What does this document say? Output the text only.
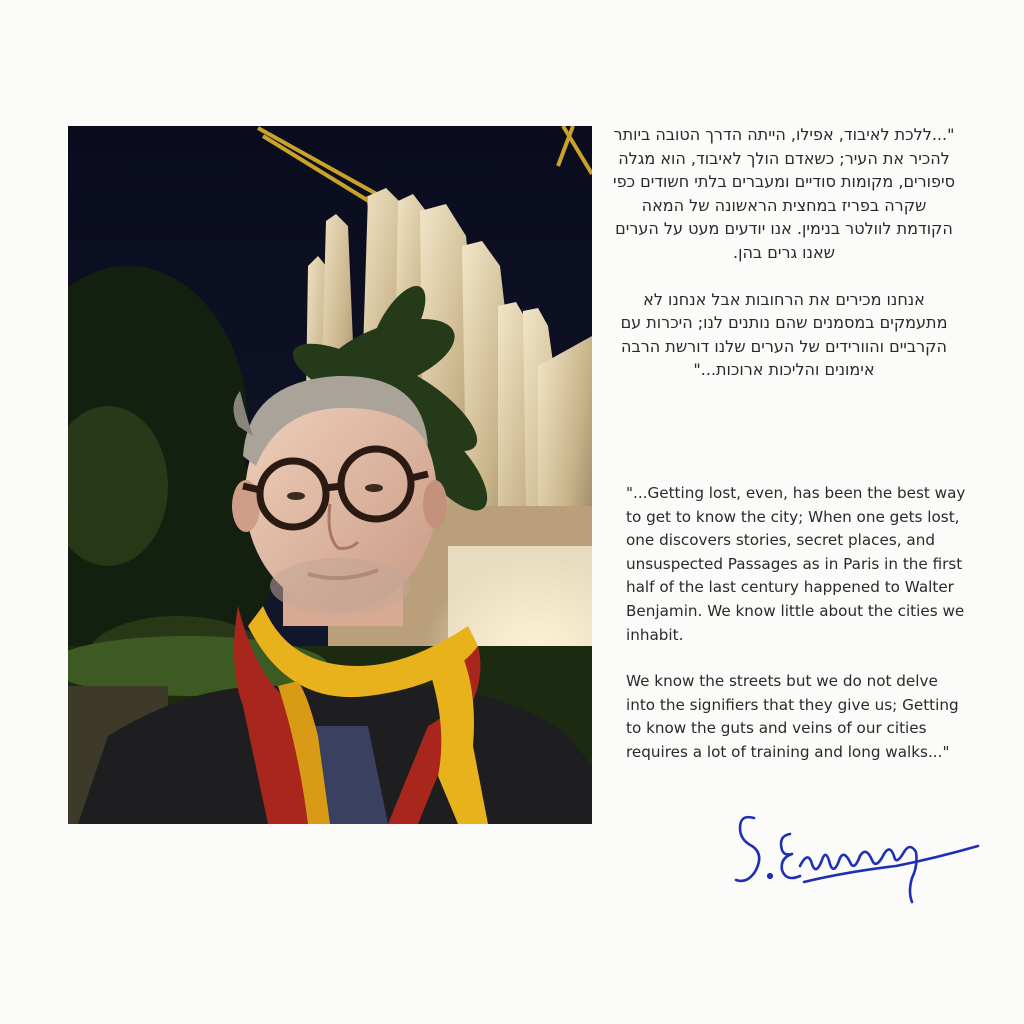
"...ללכת לאיבוד, אפילו, הייתה הדרך הטובה ביותר להכיר את העיר; כשאדם הולך לאיבוד, הוא מגלה סיפורים, מקומות סודיים ומעברים בלתי חשודים כפי שקרה בפריז במחצית הראשונה של המאה הקודמת לוולטר בנימין. אנו יודעים מעט על הערים שאנו גרים בהן.

אנחנו מכירים את הרחובות אבל אנחנו לא מתעמקים במסמנים שהם נותנים לנו; היכרות עם הקרביים והוורידים של הערים שלנו דורשת הרבה אימונים והליכות ארוכות..."

"...Getting lost, even, has been the best way to get to know the city; When one gets lost, one discovers stories, secret places, and unsuspected Passages as in Paris in the first half of the last century happened to Walter Benjamin. We know little about the cities we inhabit.

We know the streets but we do not delve into the signifiers that they give us; Getting to know the guts and veins of our cities requires a lot of training and long walks..."
